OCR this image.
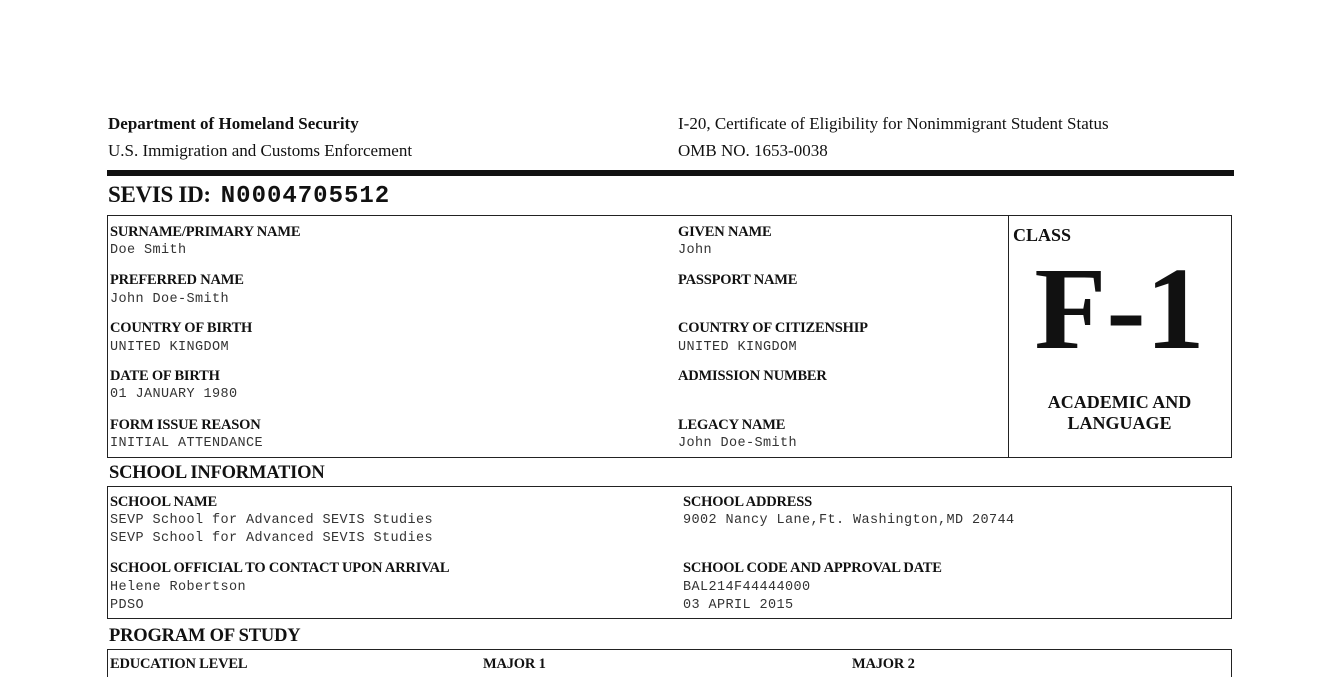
Department of Homeland Security
U.S. Immigration and Customs Enforcement
I-20, Certificate of Eligibility for Nonimmigrant Student Status
OMB NO. 1653-0038
SEVIS ID: N0004705512
SURNAME/PRIMARY NAME
Doe Smith
GIVEN NAME
John
PREFERRED NAME
John Doe-Smith
PASSPORT NAME
COUNTRY OF BIRTH
UNITED KINGDOM
COUNTRY OF CITIZENSHIP
UNITED KINGDOM
DATE OF BIRTH
01 JANUARY 1980
ADMISSION NUMBER
FORM ISSUE REASON
INITIAL ATTENDANCE
LEGACY NAME
John Doe-Smith
CLASS
F-1
ACADEMIC AND
LANGUAGE
SCHOOL INFORMATION
SCHOOL NAME
SEVP School for Advanced SEVIS Studies
SEVP School for Advanced SEVIS Studies
SCHOOL ADDRESS
9002 Nancy Lane,Ft. Washington,MD 20744
SCHOOL OFFICIAL TO CONTACT UPON ARRIVAL
Helene Robertson
PDSO
SCHOOL CODE AND APPROVAL DATE
BAL214F44444000
03 APRIL 2015
PROGRAM OF STUDY
EDUCATION LEVEL	MAJOR 1	MAJOR 2
